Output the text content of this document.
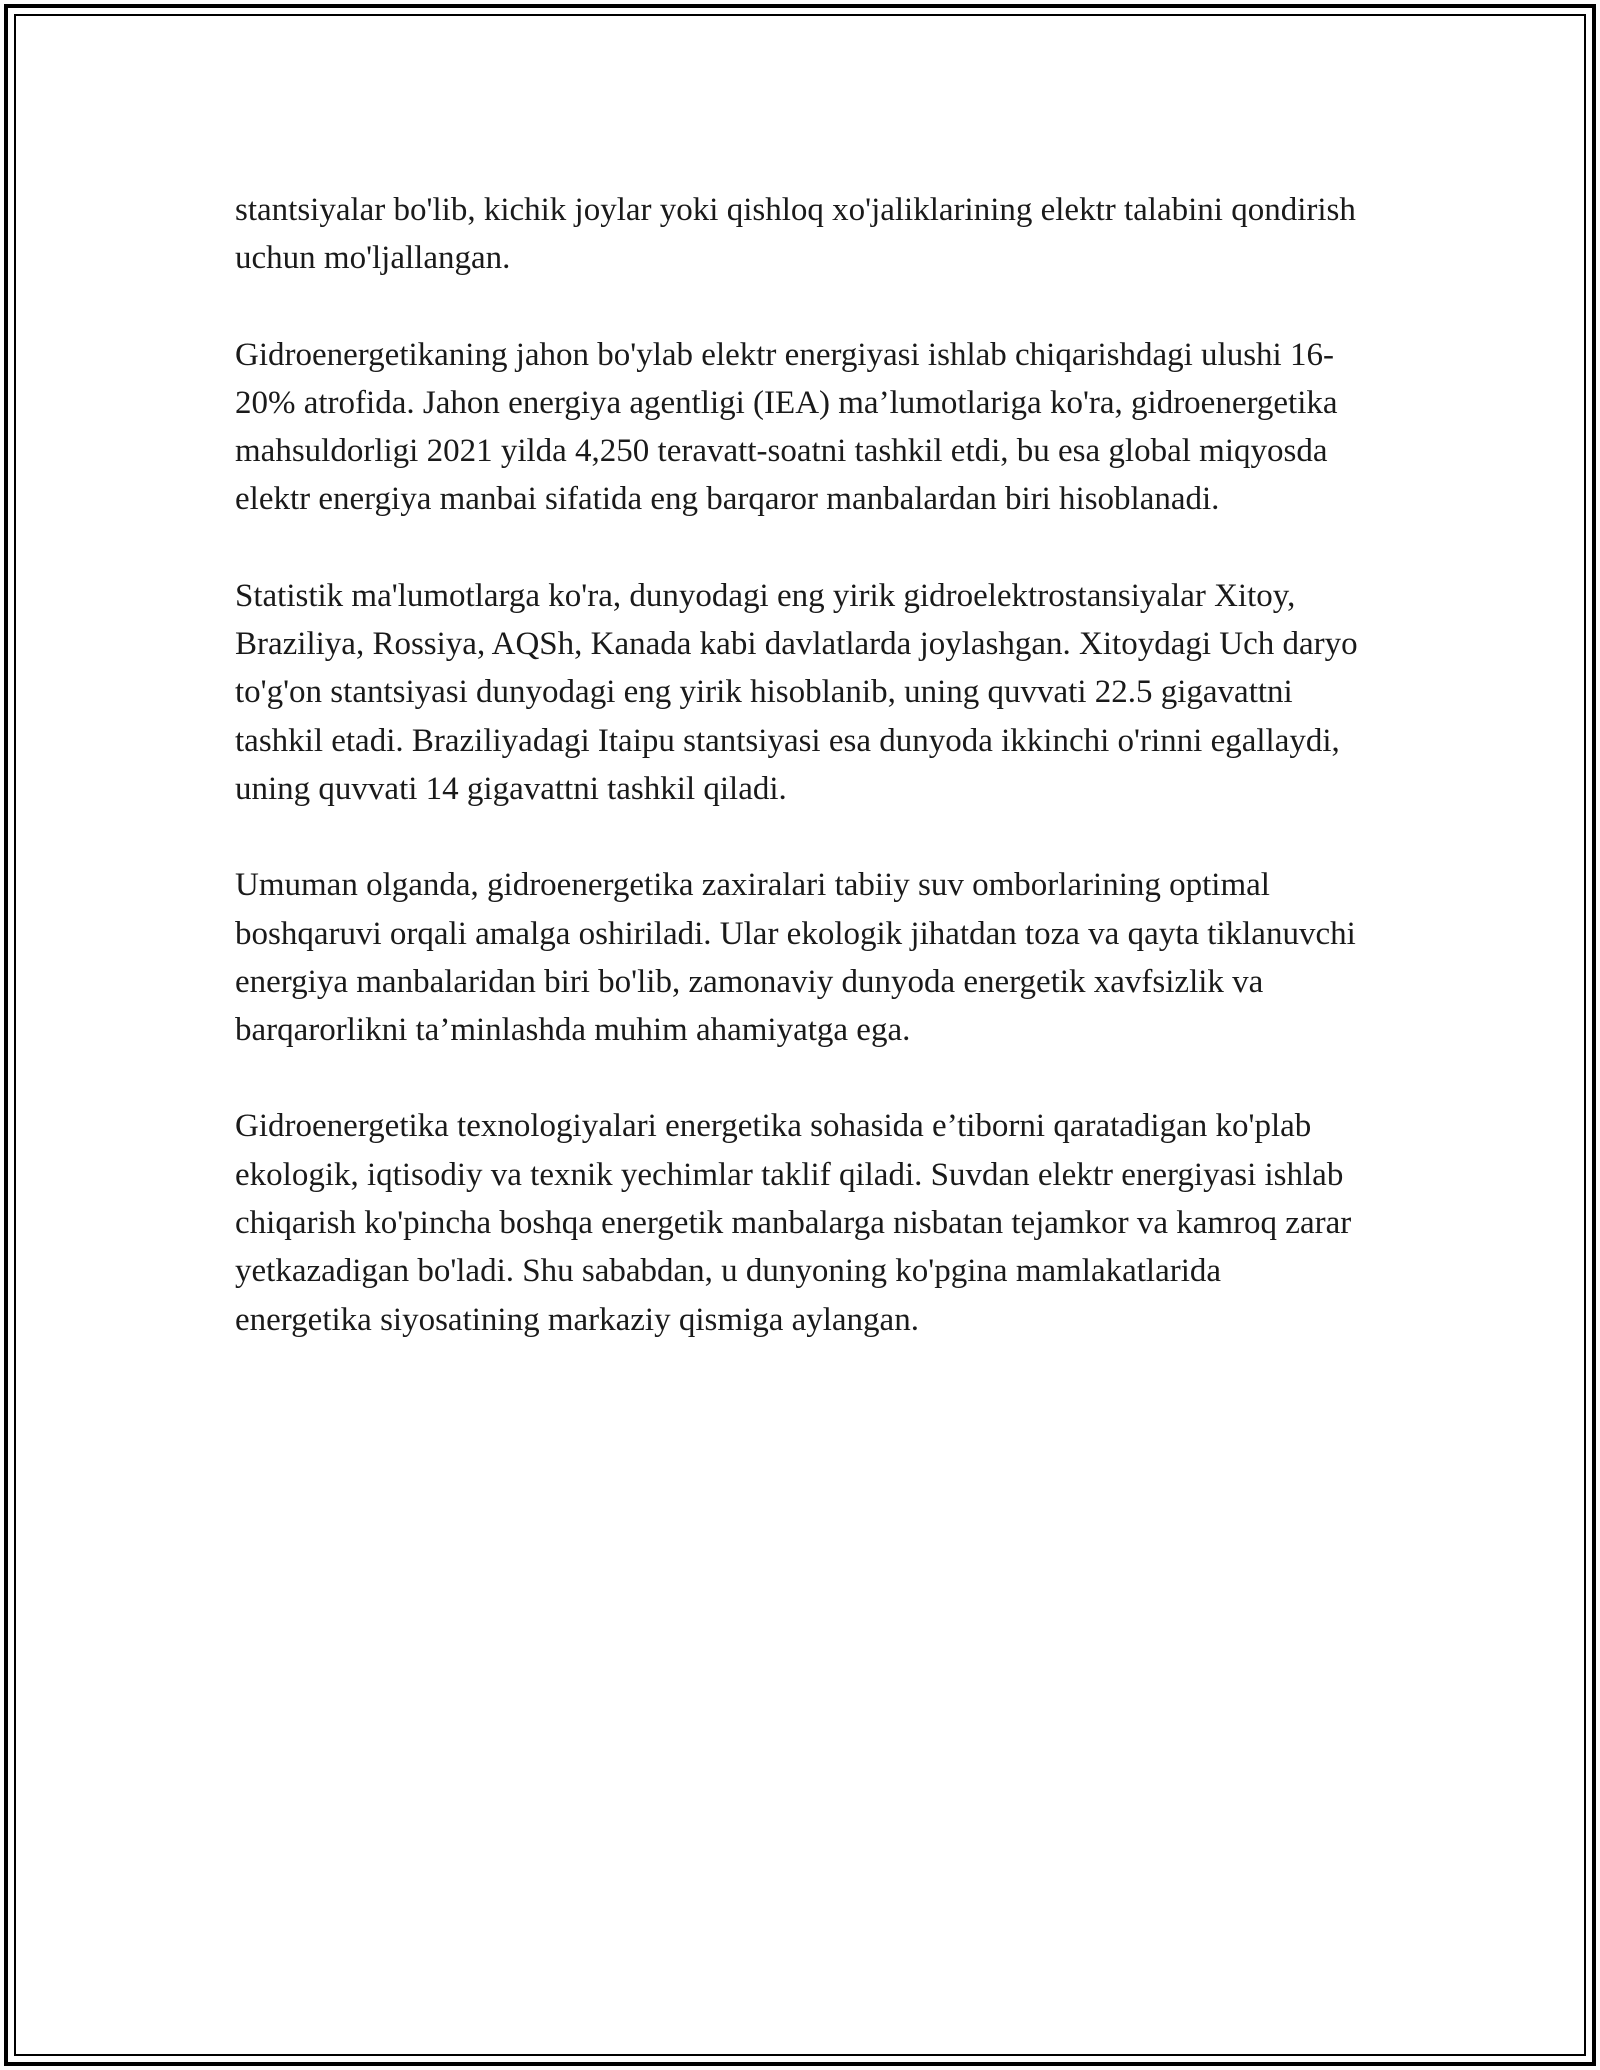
stantsiyalar bo'lib, kichik joylar yoki qishloq xo'jaliklarining elektr talabini qondirish uchun mo'ljallangan.

Gidroenergetikaning jahon bo'ylab elektr energiyasi ishlab chiqarishdagi ulushi 16-20% atrofida. Jahon energiya agentligi (IEA) ma’lumotlariga ko'ra, gidroenergetika mahsuldorligi 2021 yilda 4,250 teravatt-soatni tashkil etdi, bu esa global miqyosda elektr energiya manbai sifatida eng barqaror manbalardan biri hisoblanadi.

Statistik ma'lumotlarga ko'ra, dunyodagi eng yirik gidroelektrostansiyalar Xitoy, Braziliya, Rossiya, AQSh, Kanada kabi davlatlarda joylashgan. Xitoydagi Uch daryo to'g'on stantsiyasi dunyodagi eng yirik hisoblanib, uning quvvati 22.5 gigavattni tashkil etadi. Braziliyadagi Itaipu stantsiyasi esa dunyoda ikkinchi o'rinni egallaydi, uning quvvati 14 gigavattni tashkil qiladi.

Umuman olganda, gidroenergetika zaxiralari tabiiy suv omborlarining optimal boshqaruvi orqali amalga oshiriladi. Ular ekologik jihatdan toza va qayta tiklanuvchi energiya manbalaridan biri bo'lib, zamonaviy dunyoda energetik xavfsizlik va barqarorlikni ta’minlashda muhim ahamiyatga ega.

Gidroenergetika texnologiyalari energetika sohasida e’tiborni qaratadigan ko'plab ekologik, iqtisodiy va texnik yechimlar taklif qiladi. Suvdan elektr energiyasi ishlab chiqarish ko'pincha boshqa energetik manbalarga nisbatan tejamkor va kamroq zarar yetkazadigan bo'ladi. Shu sababdan, u dunyoning ko'pgina mamlakatlarida energetika siyosatining markaziy qismiga aylangan.
